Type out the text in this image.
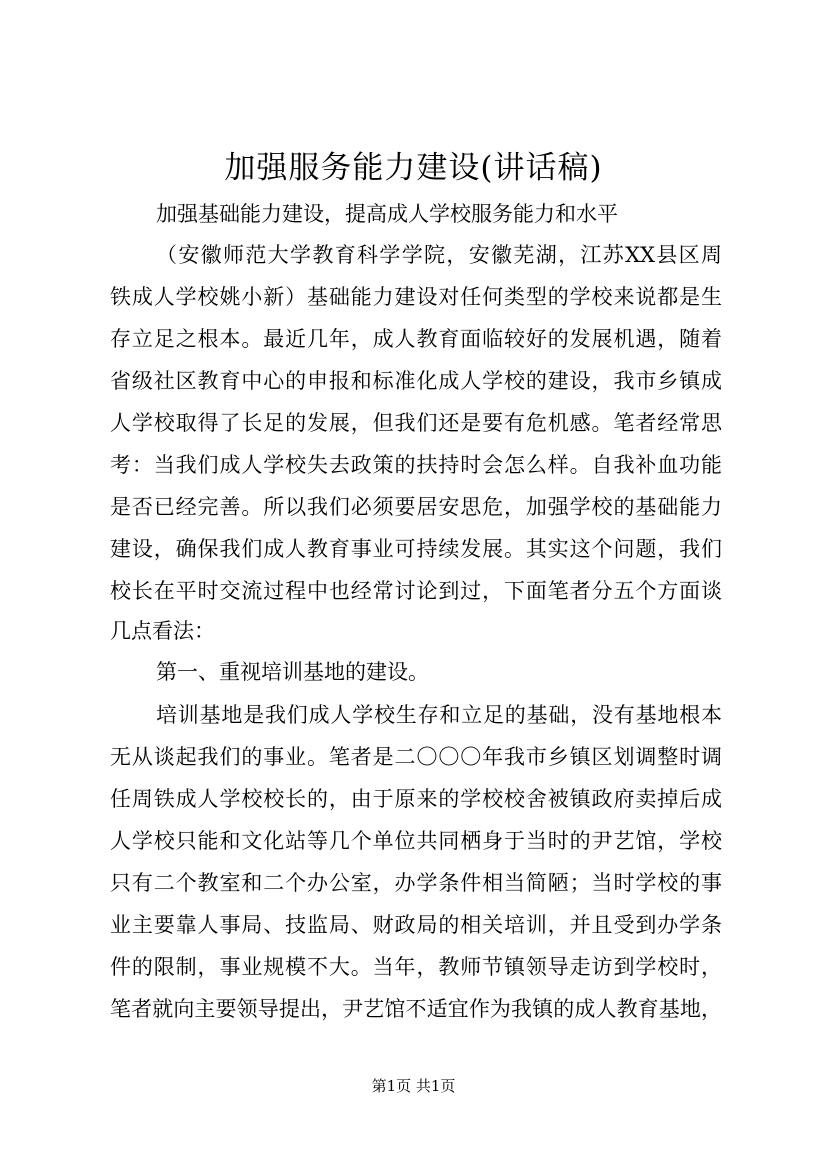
加强服务能力建设(讲话稿)
加强基础能力建设，提高成人学校服务能力和水平
（安徽师范大学教育科学学院，安徽芜湖，江苏XX县区周
铁成人学校姚小新）基础能力建设对任何类型的学校来说都是生
存立足之根本。最近几年，成人教育面临较好的发展机遇，随着
省级社区教育中心的申报和标准化成人学校的建设，我市乡镇成
人学校取得了长足的发展，但我们还是要有危机感。笔者经常思
考：当我们成人学校失去政策的扶持时会怎么样。自我补血功能
是否已经完善。所以我们必须要居安思危，加强学校的基础能力
建设，确保我们成人教育事业可持续发展。其实这个问题，我们
校长在平时交流过程中也经常讨论到过，下面笔者分五个方面谈
几点看法：
第一、重视培训基地的建设。
培训基地是我们成人学校生存和立足的基础，没有基地根本
无从谈起我们的事业。笔者是二〇〇〇年我市乡镇区划调整时调
任周铁成人学校校长的，由于原来的学校校舍被镇政府卖掉后成
人学校只能和文化站等几个单位共同栖身于当时的尹艺馆，学校
只有二个教室和二个办公室，办学条件相当简陋；当时学校的事
业主要靠人事局、技监局、财政局的相关培训，并且受到办学条
件的限制，事业规模不大。当年，教师节镇领导走访到学校时，
笔者就向主要领导提出，尹艺馆不适宜作为我镇的成人教育基地，
第1页 共1页
